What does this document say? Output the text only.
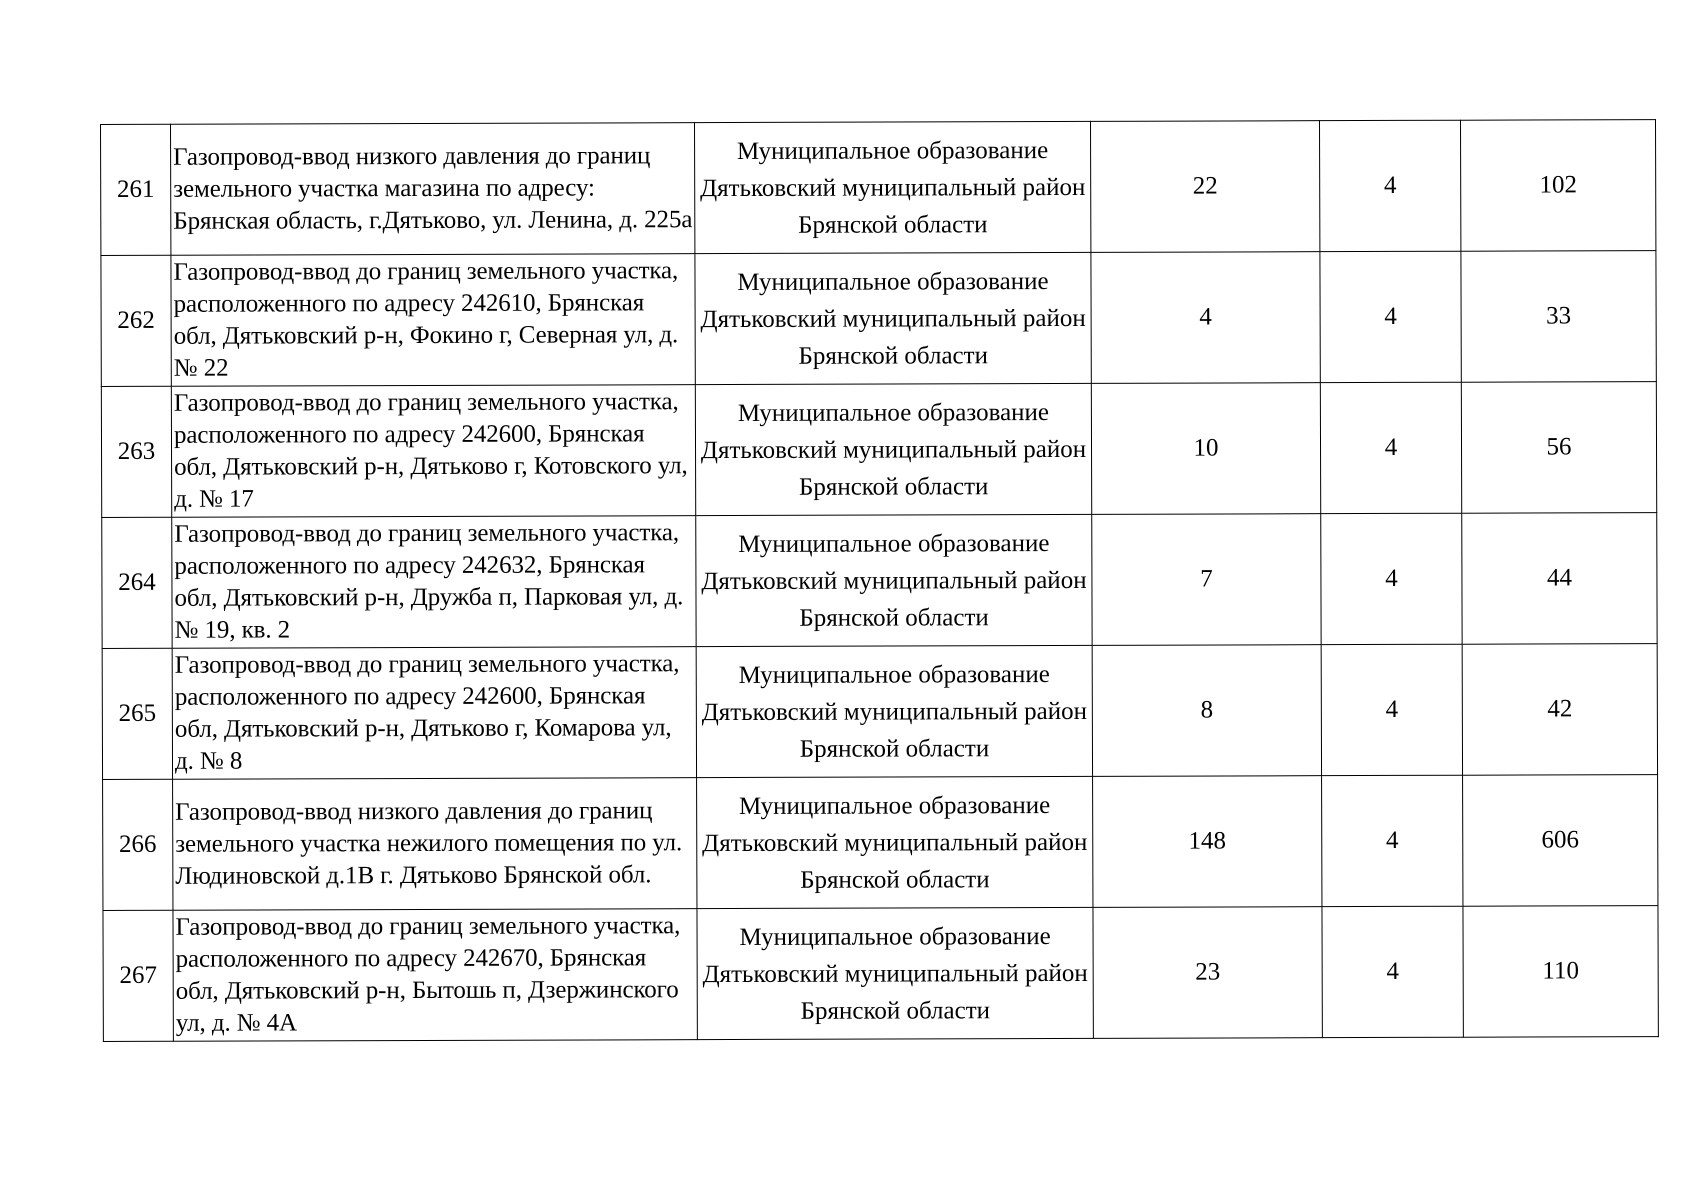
261	Газопровод-ввод низкого давления до границ земельного участка магазина по адресу: Брянская область, г.Дятьково, ул. Ленина, д. 225а	Муниципальное образование Дятьковский муниципальный район Брянской области	22	4	102
262	Газопровод-ввод до границ земельного участка, расположенного по адресу 242610, Брянская обл, Дятьковский р-н, Фокино г, Северная ул, д. № 22	Муниципальное образование Дятьковский муниципальный район Брянской области	4	4	33
263	Газопровод-ввод до границ земельного участка, расположенного по адресу 242600, Брянская обл, Дятьковский р-н, Дятьково г, Котовского ул, д. № 17	Муниципальное образование Дятьковский муниципальный район Брянской области	10	4	56
264	Газопровод-ввод до границ земельного участка, расположенного по адресу 242632, Брянская обл, Дятьковский р-н, Дружба п, Парковая ул, д. № 19, кв. 2	Муниципальное образование Дятьковский муниципальный район Брянской области	7	4	44
265	Газопровод-ввод до границ земельного участка, расположенного по адресу 242600, Брянская обл, Дятьковский р-н, Дятьково г, Комарова ул, д. № 8	Муниципальное образование Дятьковский муниципальный район Брянской области	8	4	42
266	Газопровод-ввод низкого давления до границ земельного участка нежилого помещения по ул. Людиновской д.1В г. Дятьково Брянской обл.	Муниципальное образование Дятьковский муниципальный район Брянской области	148	4	606
267	Газопровод-ввод до границ земельного участка, расположенного по адресу 242670, Брянская обл, Дятьковский р-н, Бытошь п, Дзержинского ул, д. № 4А	Муниципальное образование Дятьковский муниципальный район Брянской области	23	4	110
